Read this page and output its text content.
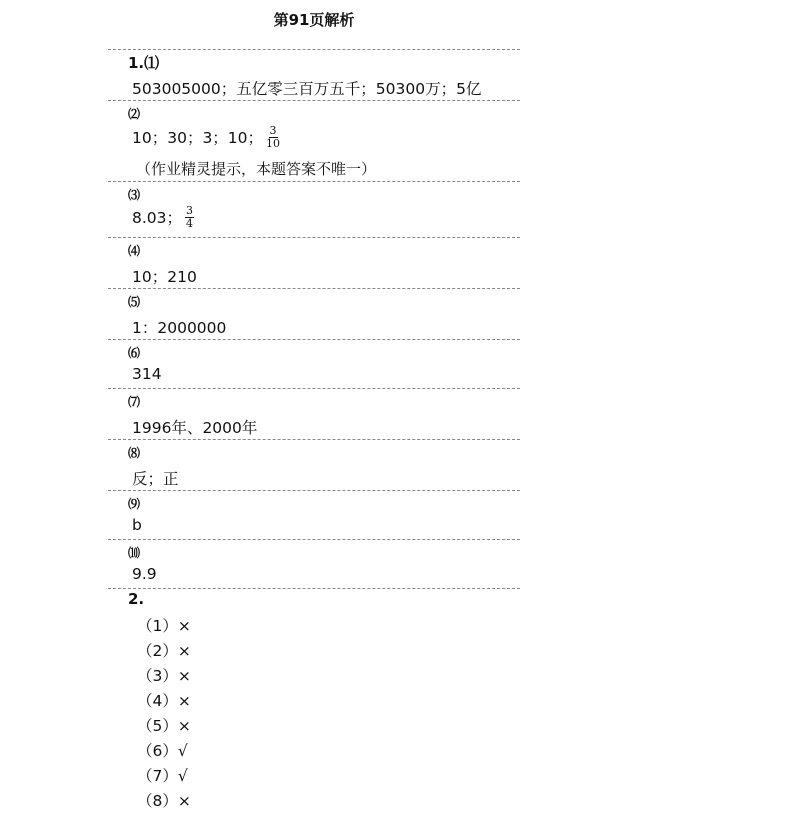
第91页解析
1.⑴
503005000；五亿零三百万五千；50300万；5亿
⑵
10；30；3；10； $\frac{3}{10}$
（作业精灵提示，本题答案不唯一）
⑶
8.03； $\frac{3}{4}$
⑷
10；210
⑸
1：2000000
⑹
314
⑺
1996年、2000年
⑻
反；正
⑼
b
⑽
9.9
2.
（1）×
（2）×
（3）×
（4）×
（5）×
（6）√
（7）√
（8）×
